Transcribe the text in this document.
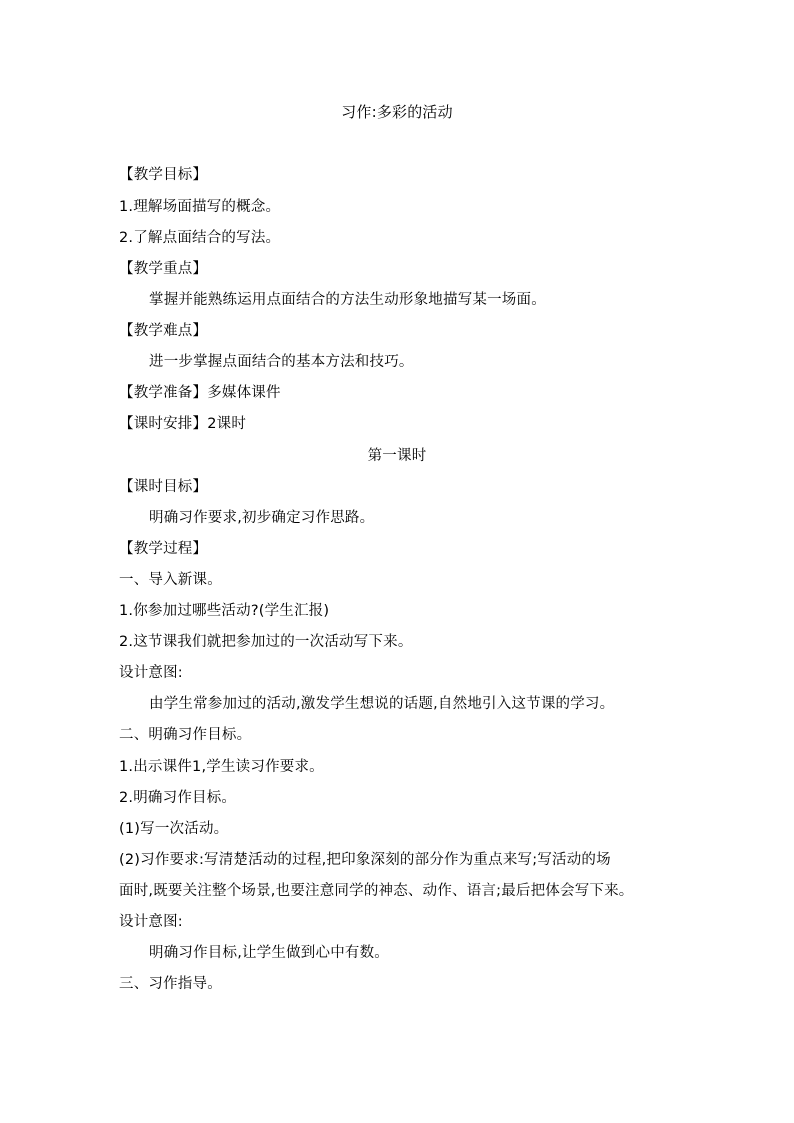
习作:多彩的活动
【教学目标】
1.理解场面描写的概念。
2.了解点面结合的写法。
【教学重点】
掌握并能熟练运用点面结合的方法生动形象地描写某一场面。
【教学难点】
进一步掌握点面结合的基本方法和技巧。
【教学准备】多媒体课件
【课时安排】2课时
第一课时
【课时目标】
明确习作要求,初步确定习作思路。
【教学过程】
一、导入新课。
1.你参加过哪些活动?(学生汇报)
2.这节课我们就把参加过的一次活动写下来。
设计意图:
由学生常参加过的活动,激发学生想说的话题,自然地引入这节课的学习。
二、明确习作目标。
1.出示课件1,学生读习作要求。
2.明确习作目标。
(1)写一次活动。
(2)习作要求:写清楚活动的过程,把印象深刻的部分作为重点来写;写活动的场
面时,既要关注整个场景,也要注意同学的神态、动作、语言;最后把体会写下来。
设计意图:
明确习作目标,让学生做到心中有数。
三、习作指导。
